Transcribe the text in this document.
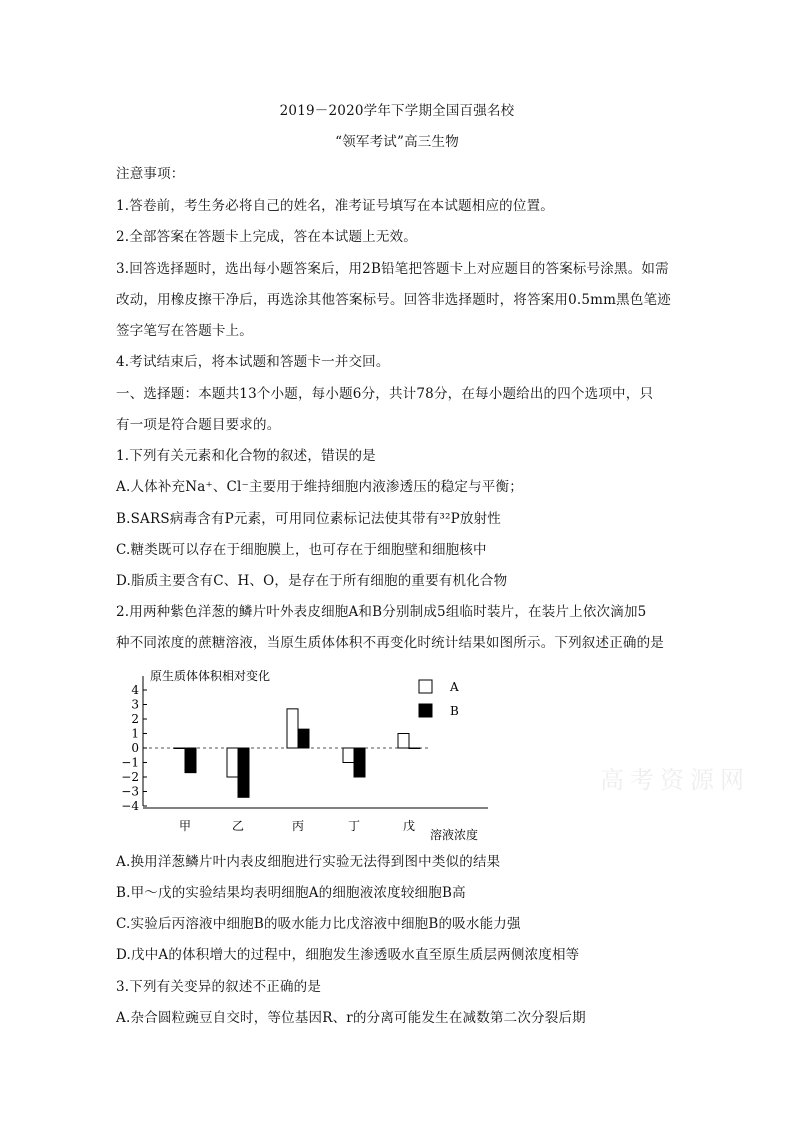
2019－2020学年下学期全国百强名校
“领军考试”高三生物
注意事项：
1.答卷前，考生务必将自己的姓名，准考证号填写在本试题相应的位置。
2.全部答案在答题卡上完成，答在本试题上无效。
3.回答选择题时，选出每小题答案后，用2B铅笔把答题卡上对应题目的答案标号涂黑。如需
改动，用橡皮擦干净后，再选涂其他答案标号。回答非选择题时，将答案用0.5mm黑色笔迹
签字笔写在答题卡上。
4.考试结束后，将本试题和答题卡一并交回。
一、选择题：本题共13个小题，每小题6分，共计78分，在每小题给出的四个选项中，只
有一项是符合题目要求的。
1.下列有关元素和化合物的叙述，错误的是
A.人体补充Na⁺、Cl⁻主要用于维持细胞内液渗透压的稳定与平衡；
B.SARS病毒含有P元素，可用同位素标记法使其带有³²P放射性
C.糖类既可以存在于细胞膜上，也可存在于细胞壁和细胞核中
D.脂质主要含有C、H、O，是存在于所有细胞的重要有机化合物
2.用两种紫色洋葱的鳞片叶外表皮细胞A和B分别制成5组临时装片，在装片上依次滴加5
种不同浓度的蔗糖溶液，当原生质体体积不再变化时统计结果如图所示。下列叙述正确的是
4
3
2
1
0
−1
−2
−3
−4
原生质体体积相对变化
溶液浓度
甲	乙	丙	丁	戊
A
B
A.换用洋葱鳞片叶内表皮细胞进行实验无法得到图中类似的结果
B.甲～戊的实验结果均表明细胞A的细胞液浓度较细胞B高
C.实验后丙溶液中细胞B的吸水能力比戊溶液中细胞B的吸水能力强
D.戊中A的体积增大的过程中，细胞发生渗透吸水直至原生质层两侧浓度相等
3.下列有关变异的叙述不正确的是
A.杂合圆粒豌豆自交时，等位基因R、r的分离可能发生在减数第二次分裂后期
高考资源网
